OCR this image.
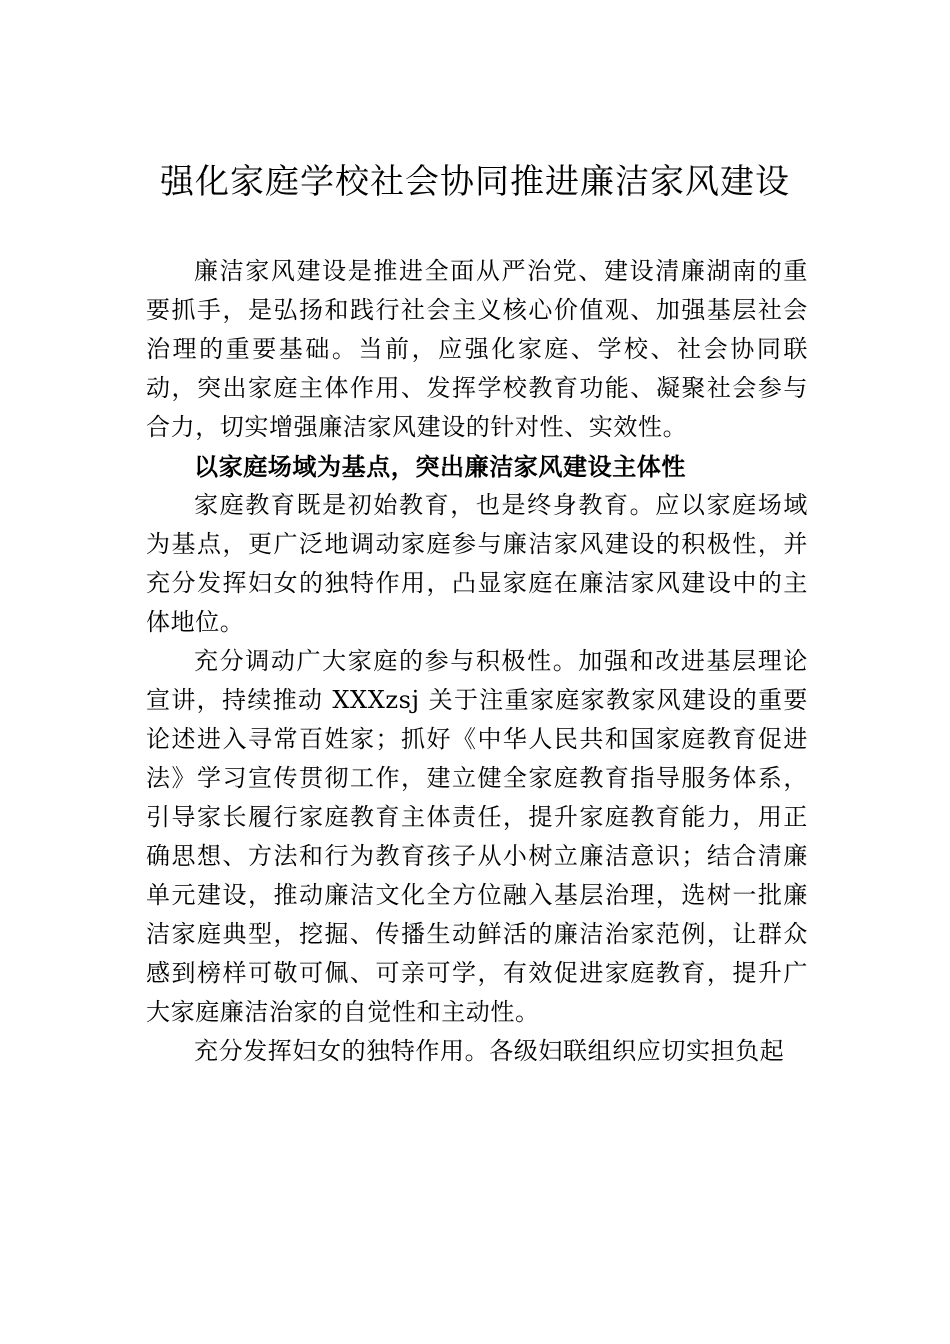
强化家庭学校社会协同推进廉洁家风建设

廉洁家风建设是推进全面从严治党、建设清廉湖南的重要抓手，是弘扬和践行社会主义核心价值观、加强基层社会治理的重要基础。当前，应强化家庭、学校、社会协同联动，突出家庭主体作用、发挥学校教育功能、凝聚社会参与合力，切实增强廉洁家风建设的针对性、实效性。

以家庭场域为基点，突出廉洁家风建设主体性

家庭教育既是初始教育，也是终身教育。应以家庭场域为基点，更广泛地调动家庭参与廉洁家风建设的积极性，并充分发挥妇女的独特作用，凸显家庭在廉洁家风建设中的主体地位。

充分调动广大家庭的参与积极性。加强和改进基层理论宣讲，持续推动 XXXzsj 关于注重家庭家教家风建设的重要论述进入寻常百姓家；抓好《中华人民共和国家庭教育促进法》学习宣传贯彻工作，建立健全家庭教育指导服务体系， 引导家长履行家庭教育主体责任，提升家庭教育能力，用正确思想、方法和行为教育孩子从小树立廉洁意识；结合清廉单元建设，推动廉洁文化全方位融入基层治理，选树一批廉洁家庭典型，挖掘、传播生动鲜活的廉洁治家范例，让群众感到榜样可敬可佩、可亲可学，有效促进家庭教育，提升广大家庭廉洁治家的自觉性和主动性。

充分发挥妇女的独特作用。各级妇联组织应切实担负起
